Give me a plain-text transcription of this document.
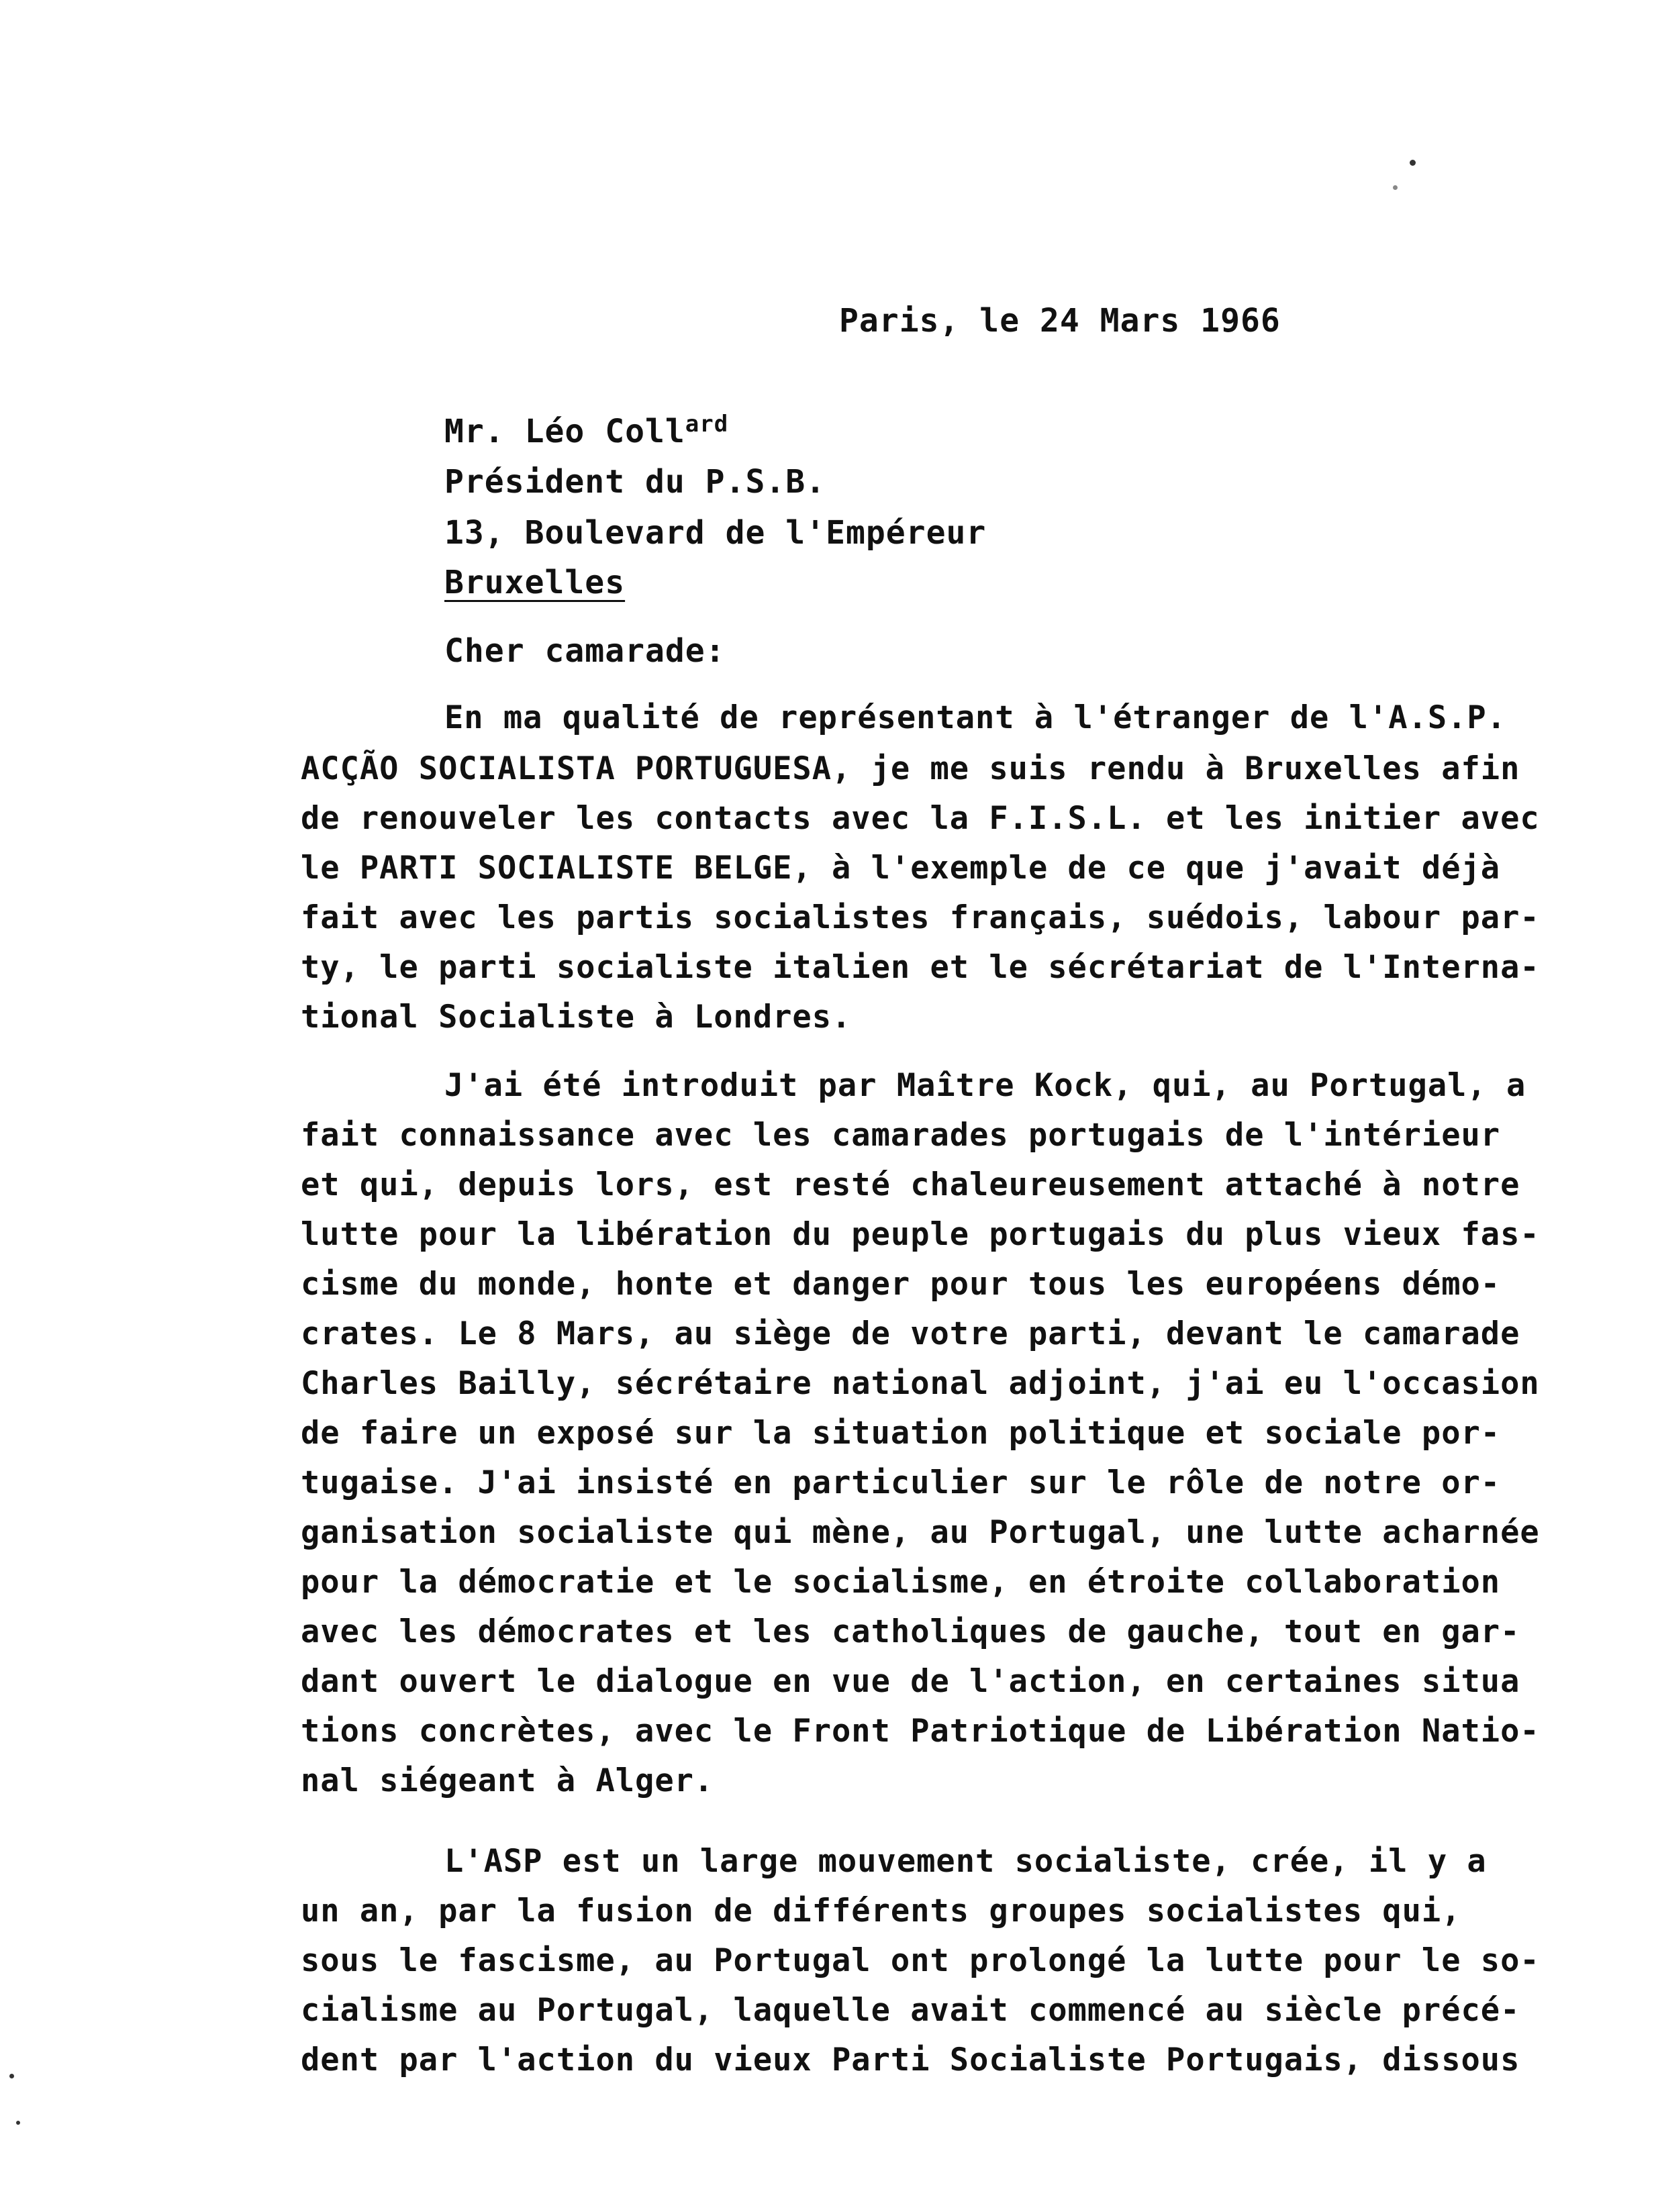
Paris, le 24 Mars 1966
Mr. Léo Coll$^{ard}$
Président du P.S.B.
13, Boulevard de l'Empéreur
Bruxelles
Cher camarade:
En ma qualité de représentant à l'étranger de l'A.S.P.
ACÇÃO SOCIALISTA PORTUGUESA, je me suis rendu à Bruxelles afin
de renouveler les contacts avec la F.I.S.L. et les initier avec
le PARTI SOCIALISTE BELGE, à l'exemple de ce que j'avait déjà
fait avec les partis socialistes français, suédois, labour par-
ty, le parti socialiste italien et le sécrétariat de l'Interna-
tional Socialiste à Londres.
J'ai été introduit par Maître Kock, qui, au Portugal, a
fait connaissance avec les camarades portugais de l'intérieur
et qui, depuis lors, est resté chaleureusement attaché à notre
lutte pour la libération du peuple portugais du plus vieux fas-
cisme du monde, honte et danger pour tous les européens démo-
crates. Le 8 Mars, au siège de votre parti, devant le camarade
Charles Bailly, sécrétaire national adjoint, j'ai eu l'occasion
de faire un exposé sur la situation politique et sociale por-
tugaise. J'ai insisté en particulier sur le rôle de notre or-
ganisation socialiste qui mène, au Portugal, une lutte acharnée
pour la démocratie et le socialisme, en étroite collaboration
avec les démocrates et les catholiques de gauche, tout en gar-
dant ouvert le dialogue en vue de l'action, en certaines situa
tions concrètes, avec le Front Patriotique de Libération Natio-
nal siégeant à Alger.
L'ASP est un large mouvement socialiste, crée, il y a
un an, par la fusion de différents groupes socialistes qui,
sous le fascisme, au Portugal ont prolongé la lutte pour le so-
cialisme au Portugal, laquelle avait commencé au siècle précé-
dent par l'action du vieux Parti Socialiste Portugais, dissous
